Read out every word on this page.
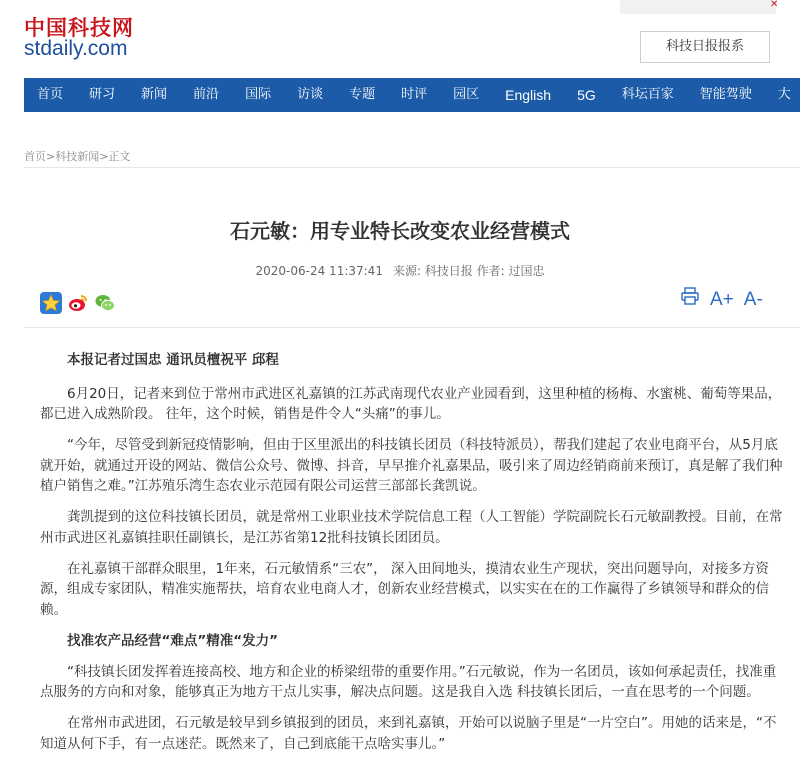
中国科技网
stdaily.com
✕
科技日报报系
首页	研习	新闻	前沿	国际	访谈	专题	时评	园区	English	5G	科坛百家	智能驾驶	大
首页>科技新闻>正文
石元敏：用专业特长改变农业经营模式
2020-06-24 11:37:41 来源: 科技日报 作者: 过国忠
A+ A-

本报记者过国忠 通讯员檀祝平 邱程

6月20日，记者来到位于常州市武进区礼嘉镇的江苏武南现代农业产业园看到，这里种植的杨梅、水蜜桃、葡萄等果品，都已进入成熟阶段。 往年，这个时候，销售是件令人“头痛”的事儿。

“今年，尽管受到新冠疫情影响，但由于区里派出的科技镇长团员（科技特派员），帮我们建起了农业电商平台，从5月底就开始，就通过开设的网站、微信公众号、微博、抖音，早早推介礼嘉果品，吸引来了周边经销商前来预订，真是解了我们种植户销售之难。”江苏殖乐湾生态农业示范园有限公司运营三部部长龚凯说。

龚凯提到的这位科技镇长团员，就是常州工业职业技术学院信息工程（人工智能）学院副院长石元敏副教授。目前，在常州市武进区礼嘉镇挂职任副镇长，是江苏省第12批科技镇长团团员。

在礼嘉镇干部群众眼里，1年来，石元敏情系“三农”， 深入田间地头，摸清农业生产现状，突出问题导向，对接多方资源，组成专家团队，精准实施帮扶，培育农业电商人才，创新农业经营模式，以实实在在的工作赢得了乡镇领导和群众的信赖。

找准农产品经营“难点”精准“发力”

“科技镇长团发挥着连接高校、地方和企业的桥梁纽带的重要作用。”石元敏说，作为一名团员，该如何承起责任，找准重点服务的方向和对象，能够真正为地方干点儿实事，解决点问题。这是我自入选 科技镇长团后，一直在思考的一个问题。

在常州市武进团，石元敏是较早到乡镇报到的团员，来到礼嘉镇，开始可以说脑子里是“一片空白”。用她的话来是，“不知道从何下手，有一点迷茫。既然来了，自己到底能干点啥实事儿。”
